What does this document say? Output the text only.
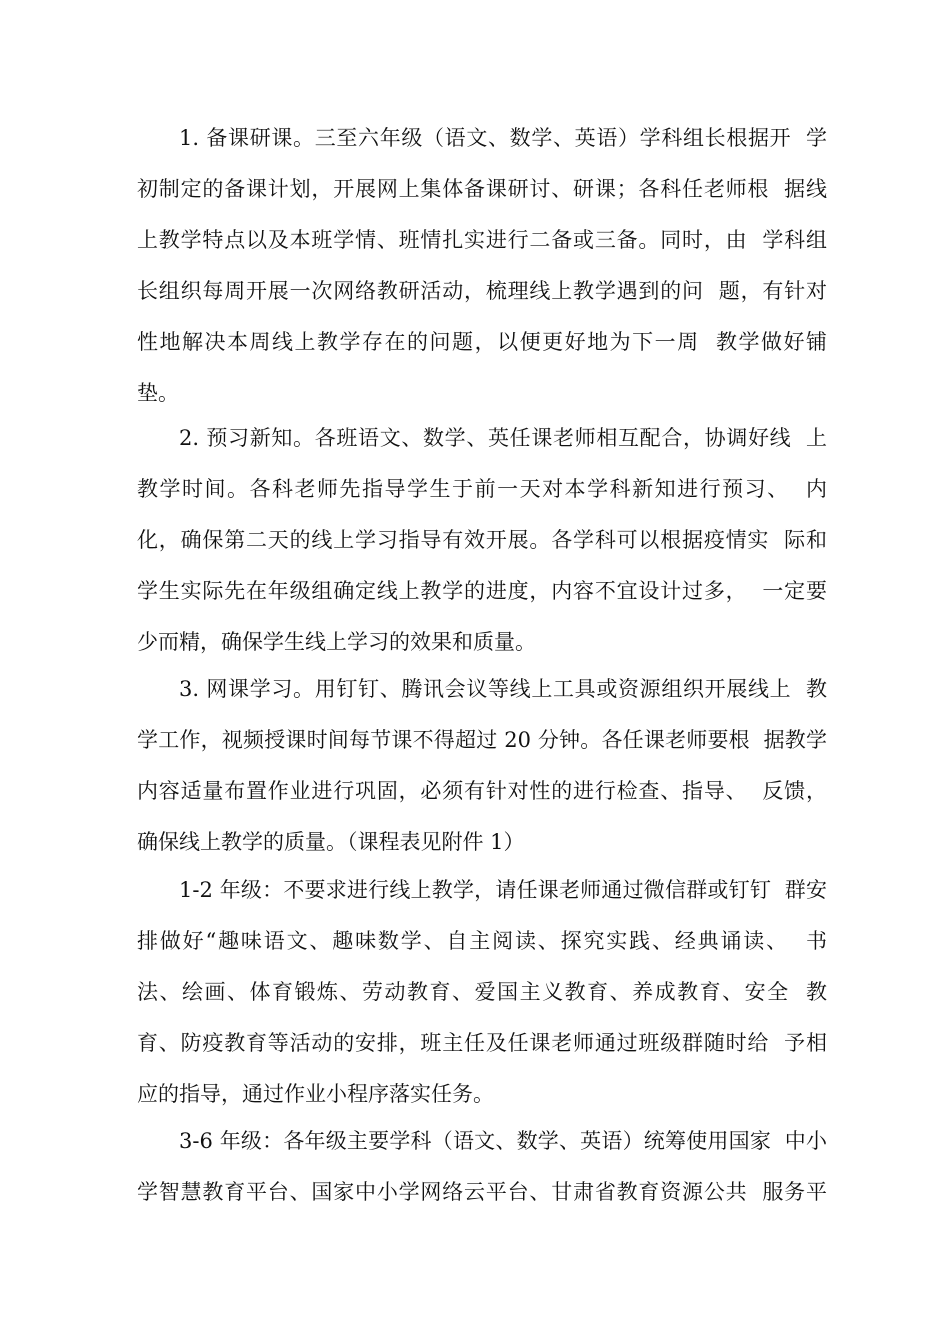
1. 备课研课。三至六年级（语文、数学、英语）学科组长根据开  学
初制定的备课计划，开展网上集体备课研讨、研课；各科任老师根  据线
上教学特点以及本班学情、班情扎实进行二备或三备。同时，由  学科组
长组织每周开展一次网络教研活动，梳理线上教学遇到的问  题，有针对
性地解决本周线上教学存在的问题，以便更好地为下一周  教学做好铺
垫。

2. 预习新知。各班语文、数学、英任课老师相互配合，协调好线  上
教学时间。各科老师先指导学生于前一天对本学科新知进行预习、  内
化，确保第二天的线上学习指导有效开展。各学科可以根据疫情实  际和
学生实际先在年级组确定线上教学的进度，内容不宜设计过多，  一定要
少而精，确保学生线上学习的效果和质量。

3. 网课学习。用钉钉、腾讯会议等线上工具或资源组织开展线上  教
学工作，视频授课时间每节课不得超过 20 分钟。各任课老师要根  据教学
内容适量布置作业进行巩固，必须有针对性的进行检查、指导、  反馈，
确保线上教学的质量。（课程表见附件 1）

1-2 年级：不要求进行线上教学，请任课老师通过微信群或钉钉  群安
排做好“趣味语文、趣味数学、自主阅读、探究实践、经典诵读、  书
法、绘画、体育锻炼、劳动教育、爱国主义教育、养成教育、安全  教
育、防疫教育等活动的安排，班主任及任课老师通过班级群随时给  予相
应的指导，通过作业小程序落实任务。

3-6 年级：各年级主要学科（语文、数学、英语）统筹使用国家  中小
学智慧教育平台、国家中小学网络云平台、甘肃省教育资源公共  服务平
